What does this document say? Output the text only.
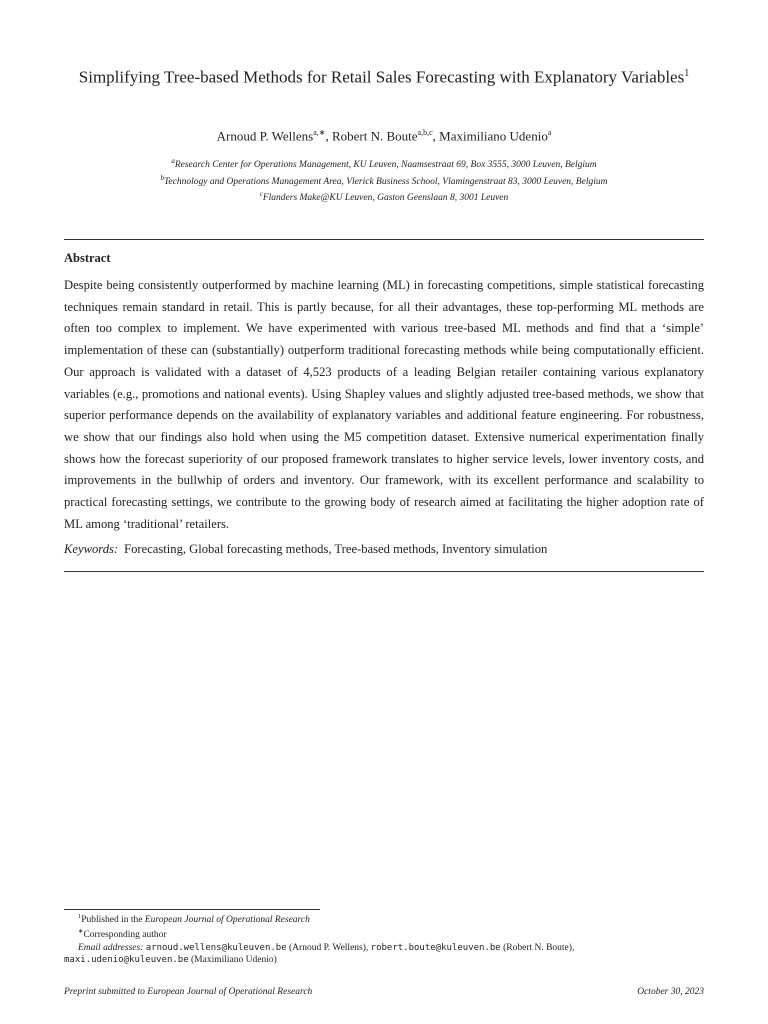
Simplifying Tree-based Methods for Retail Sales Forecasting with Explanatory Variables$^1$
Arnoud P. Wellens$^{a,∗}$, Robert N. Boute$^{a,b,c}$, Maximiliano Udenio$^a$
$^a$Research Center for Operations Management, KU Leuven, Naamsestraat 69, Box 3555, 3000 Leuven, Belgium
$^b$Technology and Operations Management Area, Vlerick Business School, Vlamingenstraat 83, 3000 Leuven, Belgium
$^c$Flanders Make@KU Leuven, Gaston Geenslaan 8, 3001 Leuven
Abstract
Despite being consistently outperformed by machine learning (ML) in forecasting competitions, simple statistical forecasting techniques remain standard in retail. This is partly because, for all their advantages, these top-performing ML methods are often too complex to implement. We have experimented with various tree-based ML methods and find that a ‘simple’ implementation of these can (substantially) outperform traditional forecasting methods while being computationally efficient. Our approach is validated with a dataset of 4,523 products of a leading Belgian retailer containing various explanatory variables (e.g., promotions and national events). Using Shapley values and slightly adjusted tree-based methods, we show that superior performance depends on the availability of explanatory variables and additional feature engineering. For robustness, we show that our findings also hold when using the M5 competition dataset. Extensive numerical experimentation finally shows how the forecast superiority of our proposed framework translates to higher service levels, lower inventory costs, and improvements in the bullwhip of orders and inventory. Our framework, with its excellent performance and scalability to practical forecasting settings, we contribute to the growing body of research aimed at facilitating the higher adoption rate of ML among ‘traditional’ retailers.
Keywords: Forecasting, Global forecasting methods, Tree-based methods, Inventory simulation
$^1$Published in the European Journal of Operational Research
∗Corresponding author
Email addresses: arnoud.wellens@kuleuven.be (Arnoud P. Wellens), robert.boute@kuleuven.be (Robert N. Boute),
maxi.udenio@kuleuven.be (Maximiliano Udenio)
Preprint submitted to European Journal of Operational Research	October 30, 2023
